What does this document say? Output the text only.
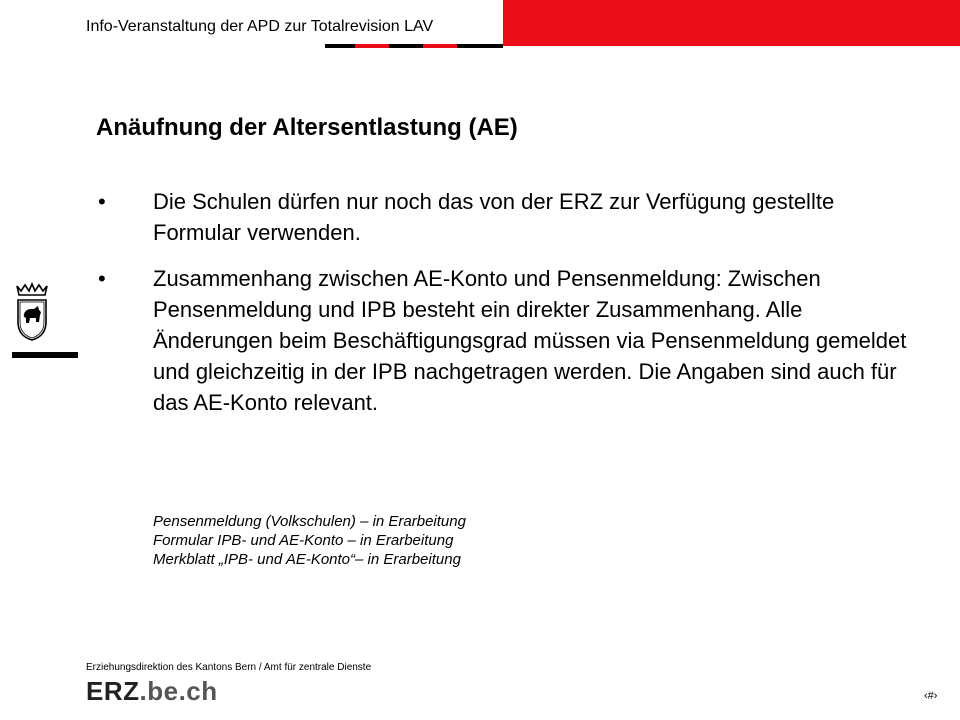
Info-Veranstaltung der APD zur Totalrevision LAV
Anäufnung der Altersentlastung (AE)
• Die Schulen dürfen nur noch das von der ERZ zur Verfügung gestellte Formular verwenden.
• Zusammenhang zwischen AE-Konto und Pensenmeldung: Zwischen Pensenmeldung und IPB besteht ein direkter Zusammenhang. Alle Änderungen beim Beschäftigungsgrad müssen via Pensenmeldung gemeldet und gleichzeitig in der IPB nachgetragen werden. Die Angaben sind auch für das AE-Konto relevant.
Pensenmeldung (Volkschulen) – in Erarbeitung
Formular IPB- und AE-Konto – in Erarbeitung
Merkblatt „IPB- und AE-Konto“– in Erarbeitung
Erziehungsdirektion des Kantons Bern / Amt für zentrale Dienste
ERZ.be.ch	‹#›
